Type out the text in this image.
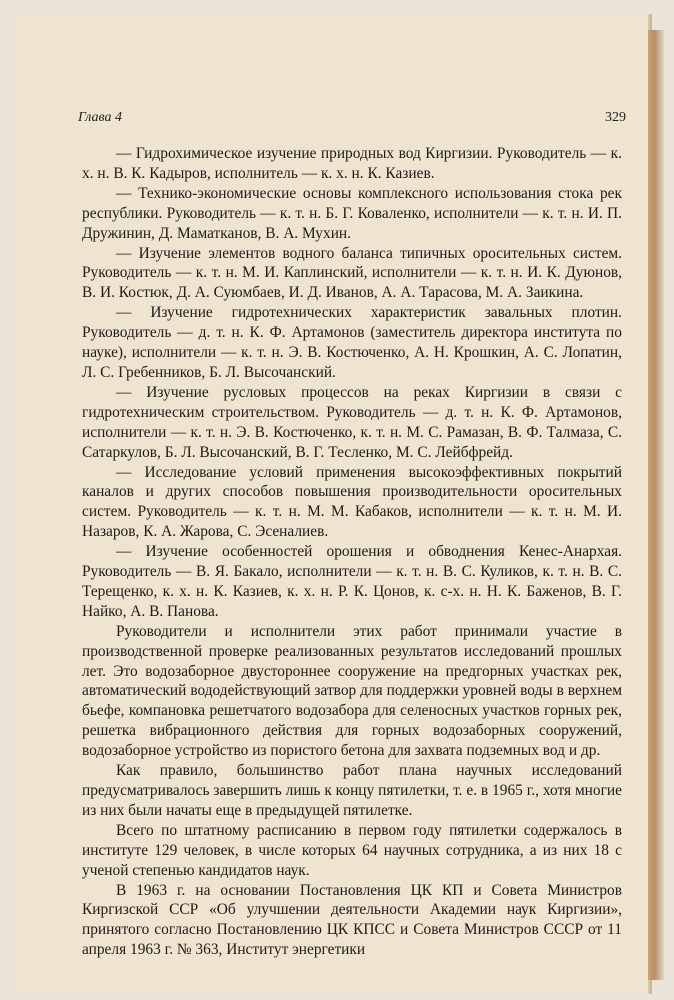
Глава 4	329

— Гидрохимическое изучение природных вод Киргизии. Руководитель — к. х. н. В. К. Кадыров, исполнитель — к. х. н. К. Казиев.

— Технико-экономические основы комплексного использования стока рек республики. Руководитель — к. т. н. Б. Г. Коваленко, исполнители — к. т. н. И. П. Дружинин, Д. Маматканов, В. А. Мухин.

— Изучение элементов водного баланса типичных оросительных систем. Руководитель — к. т. н. М. И. Каплинский, исполнители — к. т. н. И. К. Дуюнов, В. И. Костюк, Д. А. Суюмбаев, И. Д. Иванов, А. А. Тарасова, М. А. Заикина.

— Изучение гидротехнических характеристик завальных плотин. Руководитель — д. т. н. К. Ф. Артамонов (заместитель директора института по науке), исполнители — к. т. н. Э. В. Костюченко, А. Н. Крошкин, А. С. Лопатин, Л. С. Гребенников, Б. Л. Высочанский.

— Изучение русловых процессов на реках Киргизии в связи с гидротехническим строительством. Руководитель — д. т. н. К. Ф. Артамонов, исполнители — к. т. н. Э. В. Костюченко, к. т. н. М. С. Рамазан, В. Ф. Талмаза, С. Сатаркулов, Б. Л. Высочанский, В. Г. Тесленко, М. С. Лейбфрейд.

— Исследование условий применения высокоэффективных покрытий каналов и других способов повышения производительности оросительных систем. Руководитель — к. т. н. М. М. Кабаков, исполнители — к. т. н. М. И. Назаров, К. А. Жарова, С. Эсеналиев.

— Изучение особенностей орошения и обводнения Кенес-Анархая. Руководитель — В. Я. Бакало, исполнители — к. т. н. В. С. Куликов, к. т. н. В. С. Терещенко, к. х. н. К. Казиев, к. х. н. Р. К. Цонов, к. с-х. н. Н. К. Баженов, В. Г. Найко, А. В. Панова.

Руководители и исполнители этих работ принимали участие в производственной проверке реализованных результатов исследований прошлых лет. Это водозаборное двустороннее сооружение на предгорных участках рек, автоматический вододействующий затвор для поддержки уровней воды в верхнем бьефе, компановка решетчатого водозабора для селеносных участков горных рек, решетка вибрационного действия для горных водозаборных сооружений, водозаборное устройство из пористого бетона для захвата подземных вод и др.

Как правило, большинство работ плана научных исследований предусматривалось завершить лишь к концу пятилетки, т. е. в 1965 г., хотя многие из них были начаты еще в предыдущей пятилетке.

Всего по штатному расписанию в первом году пятилетки содержалось в институте 129 человек, в числе которых 64 научных сотрудника, а из них 18 с ученой степенью кандидатов наук.

В 1963 г. на основании Постановления ЦК КП и Совета Министров Киргизской ССР «Об улучшении деятельности Академии наук Киргизии», принятого согласно Постановлению ЦК КПСС и Совета Министров СССР от 11 апреля 1963 г. № 363, Институт энергетики
